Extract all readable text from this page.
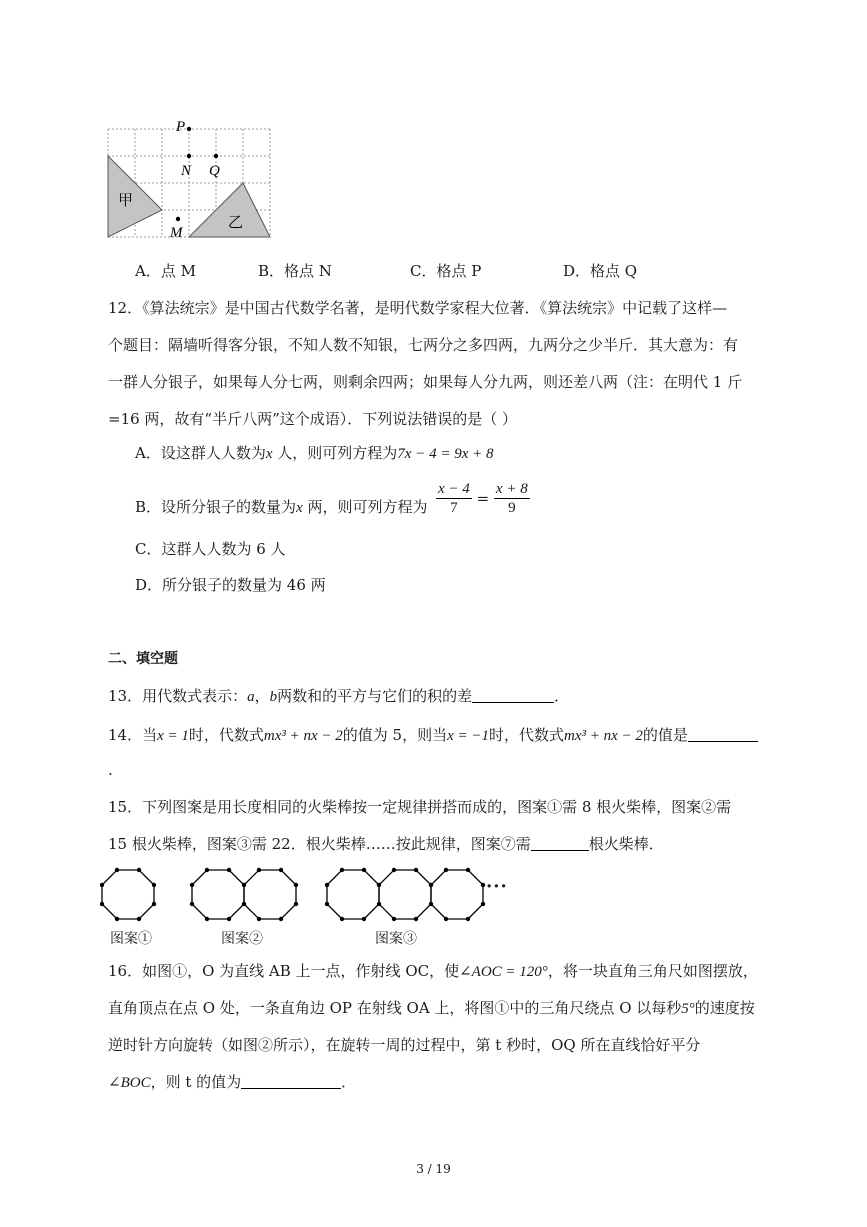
P
N Q
M
甲
乙
A．点 M	B．格点 N	C．格点 P	D．格点 Q
12．《算法统宗》是中国古代数学名著，是明代数学家程大位著．《算法统宗》中记载了这样—
个题目：隔墙听得客分银，不知人数不知银，七两分之多四两，九两分之少半斤．其大意为：有
一群人分银子，如果每人分七两，则剩余四两；如果每人分九两，则还差八两（注：在明代 1 斤
=16 两，故有“半斤八两”这个成语）．下列说法错误的是（ ）
A．设这群人人数为x 人，则可列方程为7x − 4 = 9x + 8
B．设所分银子的数量为x 两，则可列方程为 $\frac{x - 4}{7} = \frac{x + 8}{9}$
C．这群人人数为 6 人
D．所分银子的数量为 46 两
二、填空题
13．用代数式表示：a，b两数和的平方与它们的积的差	．
14．当x = 1时，代数式mx³ + nx − 2的值为 5，则当x = −1时，代数式mx³ + nx − 2的值是
.
15．下列图案是用长度相同的火柴棒按一定规律拼搭而成的，图案①需 8 根火柴棒，图案②需
15 根火柴棒，图案③需 22．根火柴棒……按此规律，图案⑦需	根火柴棒．
···
图案①	图案②	图案③
16．如图①，O 为直线 AB 上一点，作射线 OC，使∠AOC = 120°，将一块直角三角尺如图摆放，
直角顶点在点 O 处，一条直角边 OP 在射线 OA 上，将图①中的三角尺绕点 O 以每秒5°的速度按
逆时针方向旋转（如图②所示），在旋转一周的过程中，第 t 秒时，OQ 所在直线恰好平分
∠BOC，则 t 的值为	．
3 / 19
